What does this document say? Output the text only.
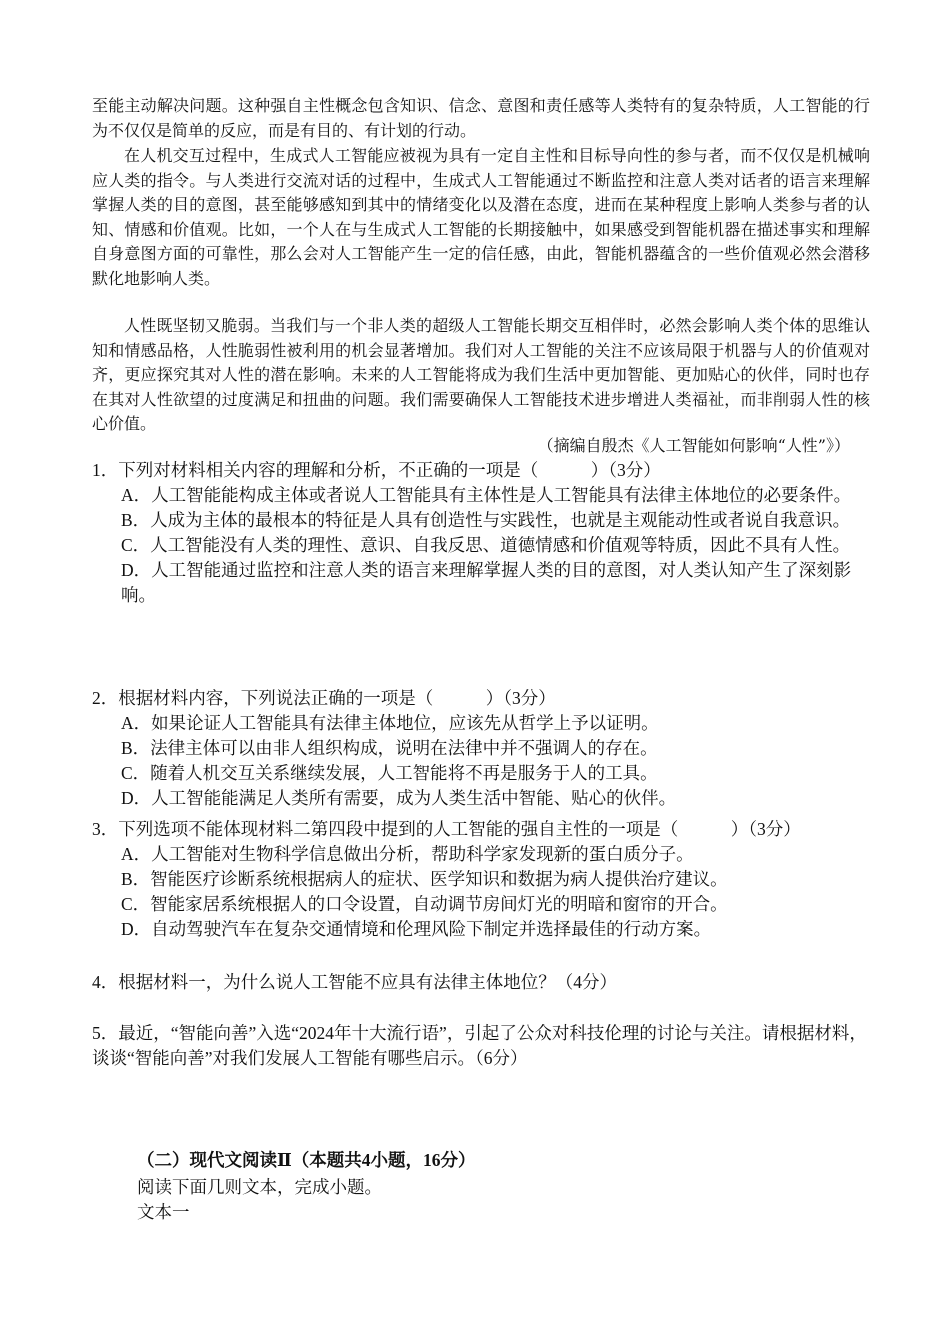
至能主动解决问题。这种强自主性概念包含知识、信念、意图和责任感等人类特有的复杂特质，人工智能的行为不仅仅是简单的反应，而是有目的、有计划的行动。

在人机交互过程中，生成式人工智能应被视为具有一定自主性和目标导向性的参与者，而不仅仅是机械响应人类的指令。与人类进行交流对话的过程中，生成式人工智能通过不断监控和注意人类对话者的语言来理解掌握人类的目的意图，甚至能够感知到其中的情绪变化以及潜在态度，进而在某种程度上影响人类参与者的认知、情感和价值观。比如，一个人在与生成式人工智能的长期接触中，如果感受到智能机器在描述事实和理解自身意图方面的可靠性，那么会对人工智能产生一定的信任感，由此，智能机器蕴含的一些价值观必然会潜移默化地影响人类。

人性既坚韧又脆弱。当我们与一个非人类的超级人工智能长期交互相伴时，必然会影响人类个体的思维认知和情感品格，人性脆弱性被利用的机会显著增加。我们对人工智能的关注不应该局限于机器与人的价值观对齐，更应探究其对人性的潜在影响。未来的人工智能将成为我们生活中更加智能、更加贴心的伙伴，同时也存在其对人性欲望的过度满足和扭曲的问题。我们需要确保人工智能技术进步增进人类福祉，而非削弱人性的核心价值。

（摘编自殷杰《人工智能如何影响“人性”》）

1．下列对材料相关内容的理解和分析，不正确的一项是（　　　）（3分）

A．人工智能能构成主体或者说人工智能具有主体性是人工智能具有法律主体地位的必要条件。

B．人成为主体的最根本的特征是人具有创造性与实践性，也就是主观能动性或者说自我意识。

C．人工智能没有人类的理性、意识、自我反思、道德情感和价值观等特质，因此不具有人性。

D．人工智能通过监控和注意人类的语言来理解掌握人类的目的意图，对人类认知产生了深刻影响。

2．根据材料内容，下列说法正确的一项是（　　　）（3分）

A．如果论证人工智能具有法律主体地位，应该先从哲学上予以证明。

B．法律主体可以由非人组织构成，说明在法律中并不强调人的存在。

C．随着人机交互关系继续发展，人工智能将不再是服务于人的工具。

D．人工智能能满足人类所有需要，成为人类生活中智能、贴心的伙伴。

3．下列选项不能体现材料二第四段中提到的人工智能的强自主性的一项是（　　　）（3分）

A．人工智能对生物科学信息做出分析，帮助科学家发现新的蛋白质分子。

B．智能医疗诊断系统根据病人的症状、医学知识和数据为病人提供治疗建议。

C．智能家居系统根据人的口令设置，自动调节房间灯光的明暗和窗帘的开合。

D．自动驾驶汽车在复杂交通情境和伦理风险下制定并选择最佳的行动方案。

4．根据材料一，为什么说人工智能不应具有法律主体地位？（4分）

5．最近，“智能向善”入选“2024年十大流行语”，引起了公众对科技伦理的讨论与关注。请根据材料，谈谈“智能向善”对我们发展人工智能有哪些启示。（6分）

（二）现代文阅读Ⅱ（本题共4小题，16分）
阅读下面几则文本，完成小题。
文本一
